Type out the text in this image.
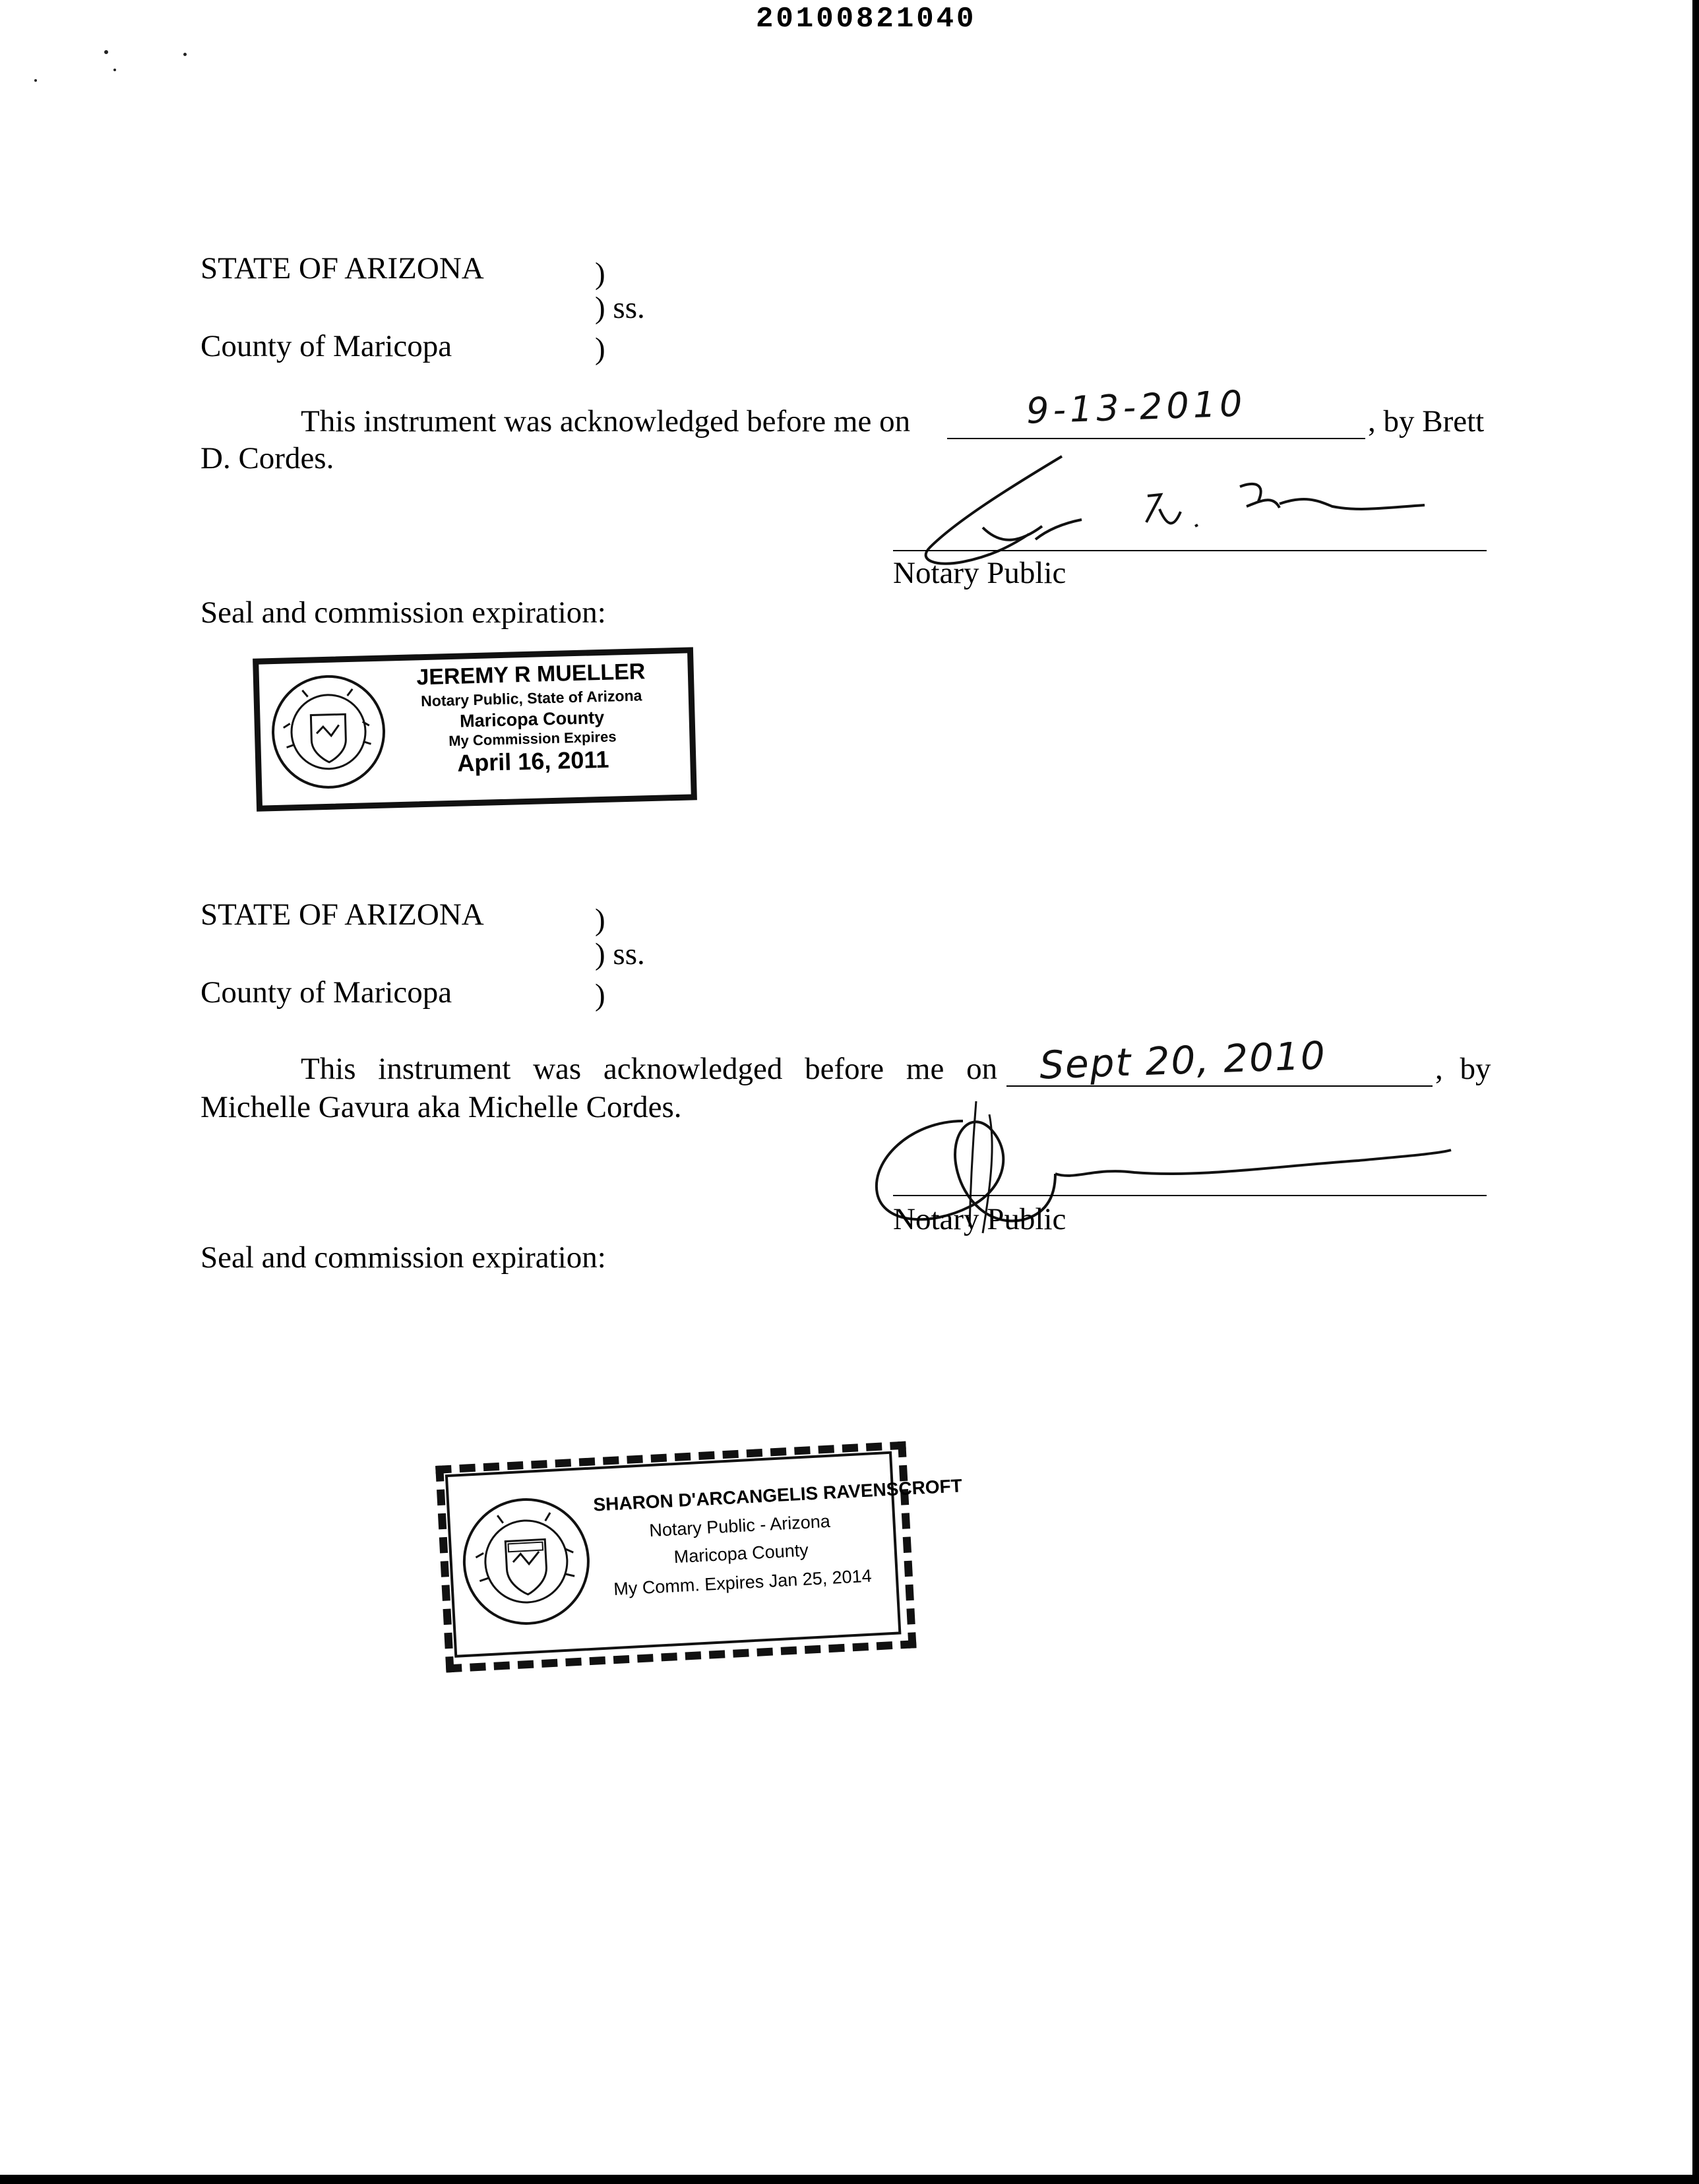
20100821040
STATE OF ARIZONA	)
) ss.
County of Maricopa	)
This instrument was acknowledged before me on	9-13-2010	, by Brett
D. Cordes.
Notary Public
Seal and commission expiration:
JEREMY R MUELLER
Notary Public, State of Arizona
Maricopa County
My Commission Expires
April 16, 2011
STATE OF ARIZONA	)
) ss.
County of Maricopa	)
This instrument was acknowledged before me on Sept 20, 2010	, by
Michelle Gavura aka Michelle Cordes.
Notary Public
Seal and commission expiration:
SHARON D'ARCANGELIS RAVENSCROFT
Notary Public - Arizona
Maricopa County
My Comm. Expires Jan 25, 2014
